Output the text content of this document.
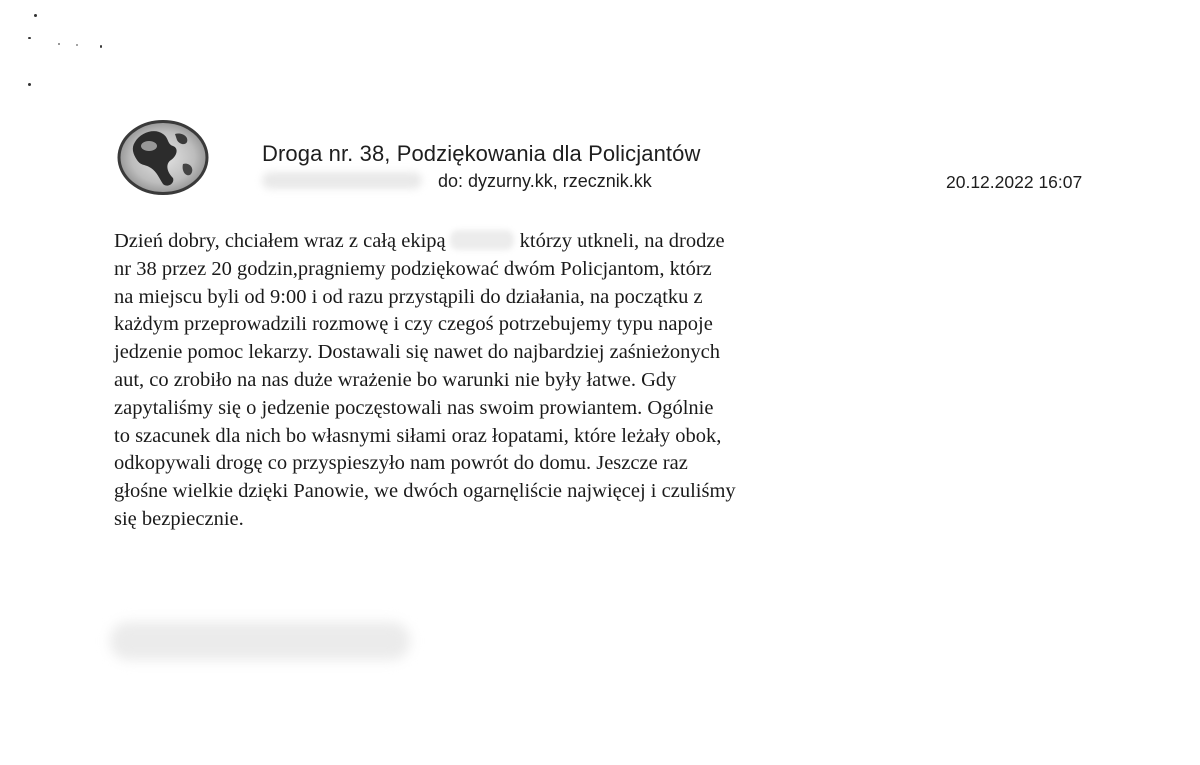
Droga nr. 38, Podziękowania dla Policjantów
do: dyzurny.kk, rzecznik.kk	20.12.2022 16:07
Dzień dobry, chciałem wraz z całą ekipą	którzy utkneli, na drodze
nr 38 przez 20 godzin,pragniemy podziękować dwóm Policjantom, którz
na miejscu byli od 9:00 i od razu przystąpili do działania, na początku z
każdym przeprowadzili rozmowę i czy czegoś potrzebujemy typu napoje
jedzenie pomoc lekarzy. Dostawali się nawet do najbardziej zaśnieżonych
aut, co zrobiło na nas duże wrażenie bo warunki nie były łatwe. Gdy
zapytaliśmy się o jedzenie poczęstowali nas swoim prowiantem. Ogólnie
to szacunek dla nich bo własnymi siłami oraz łopatami, które leżały obok,
odkopywali drogę co przyspieszyło nam powrót do domu. Jeszcze raz
głośne wielkie dzięki Panowie, we dwóch ogarnęliście najwięcej i czuliśmy
się bezpiecznie.
